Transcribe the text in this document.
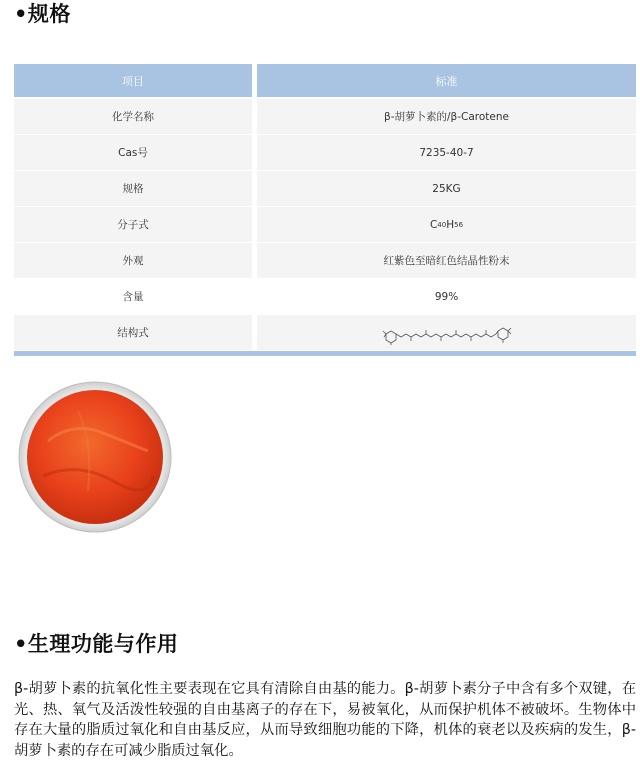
•规格
项目	标准
化学名称	β-胡萝卜素的/β-Carotene
Cas号	7235-40-7
规格	25KG
分子式	C 40 H 56
外观	红紫色至暗红色结晶性粉末
含量	99%
结构式
•生理功能与作用
β-胡萝卜素的抗氧化性主要表现在它具有清除自由基的能力。β-胡萝卜素分子中含有多个双键，在光、热、氧气及活泼性较强的自由基离子的存在下，易被氧化，从而保护机体不被破坏。生物体中存在大量的脂质过氧化和自由基反应，从而导致细胞功能的下降，机体的衰老以及疾病的发生，β-胡萝卜素的存在可减少脂质过氧化。
